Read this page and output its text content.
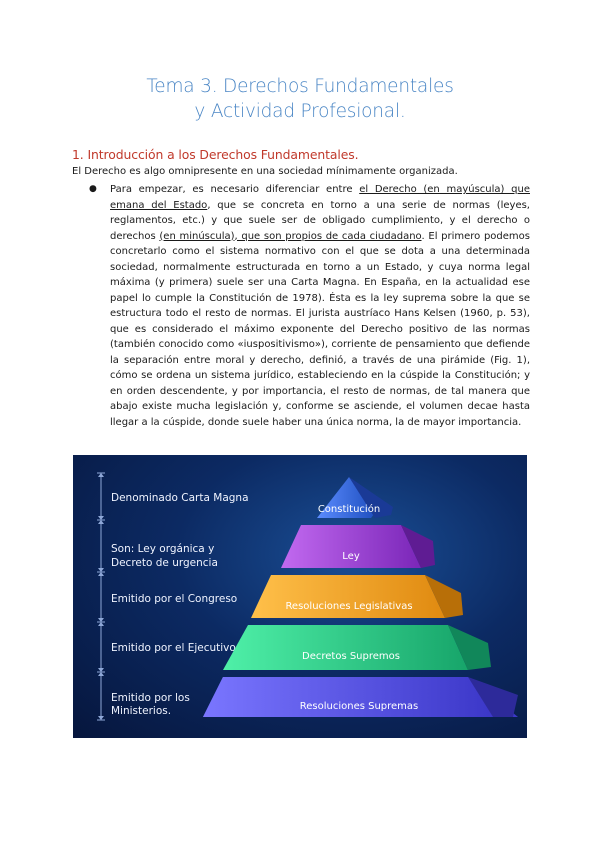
Tema 3. Derechos Fundamentales
y Actividad Profesional.
1. Introducción a los Derechos Fundamentales.
El Derecho es algo omnipresente en una sociedad mínimamente organizada.
● Para empezar, es necesario diferenciar entre el Derecho (en mayúscula) que emana del Estado, que se concreta en torno a una serie de normas (leyes, reglamentos, etc.) y que suele ser de obligado cumplimiento, y el derecho o derechos (en minúscula), que son propios de cada ciudadano. El primero podemos concretarlo como el sistema normativo con el que se dota a una determinada sociedad, normalmente estructurada en torno a un Estado, y cuya norma legal máxima (y primera) suele ser una Carta Magna. En España, en la actualidad ese papel lo cumple la Constitución de 1978). Ésta es la ley suprema sobre la que se estructura todo el resto de normas. El jurista austríaco Hans Kelsen (1960, p. 53), que es considerado el máximo exponente del Derecho positivo de las normas (también conocido como «iuspositivismo»), corriente de pensamiento que defiende la separación entre moral y derecho, definió, a través de una pirámide (Fig. 1), cómo se ordena un sistema jurídico, estableciendo en la cúspide la Constitución; y en orden descendente, y por importancia, el resto de normas, de tal manera que abajo existe mucha legislación y, conforme se asciende, el volumen decae hasta llegar a la cúspide, donde suele haber una única norma, la de mayor importancia.
Denominado Carta Magna
Son: Ley orgánica y
Decreto de urgencia
Emitido por el Congreso
Emitido por el Ejecutivo
Emitido por los
Ministerios.
Constitución
Ley
Resoluciones Legislativas
Decretos Supremos
Resoluciones Supremas
